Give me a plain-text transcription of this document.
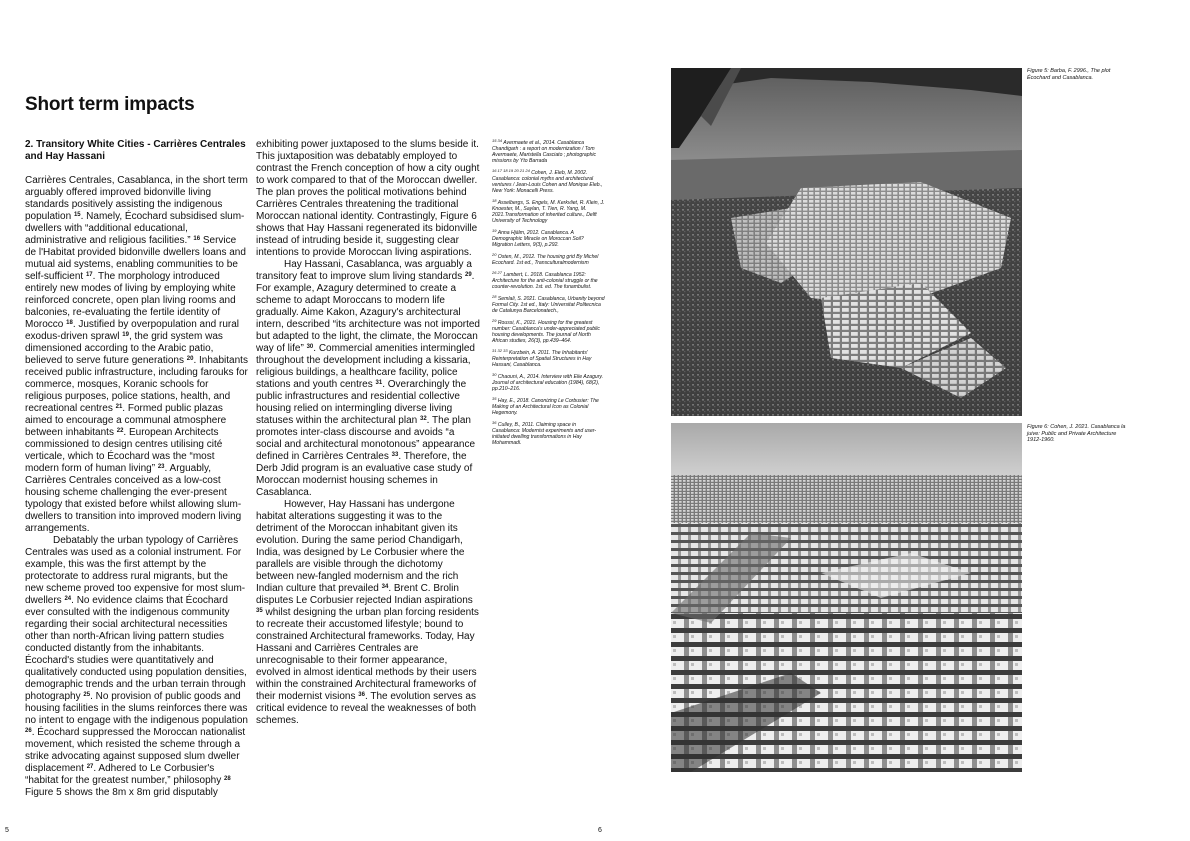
Short term impacts

2. Transitory White Cities - Carrières Centrales and Hay Hassani

Carrières Centrales, Casablanca, in the short term arguably offered improved bidonville living standards positively assisting the indigenous population $^{15}$. Namely, Écochard subsidised slum-dwellers with “additional educational, administrative and religious facilities.” $^{16}$ Service de l'Habitat provided bidonville dwellers loans and mutual aid systems, enabling communities to be self-sufficient $^{17}$. The morphology introduced entirely new modes of living by employing white reinforced concrete, open plan living rooms and balconies, re-evaluating the fertile identity of Morocco $^{18}$. Justified by overpopulation and rural exodus-driven sprawl $^{19}$, the grid system was dimensioned according to the Arabic patio, believed to serve future generations $^{20}$. Inhabitants received public infrastructure, including farouks for commerce, mosques, Koranic schools for religious purposes, police stations, health, and recreational centres $^{21}$. Formed public plazas aimed to encourage a communal atmosphere between inhabitants $^{22}$. European Architects commissioned to design centres utilising cité verticale, which to Écochard was the “most modern form of human living” $^{23}$. Arguably, Carrières Centrales conceived as a low-cost housing scheme challenging the ever-present typology that existed before whilst allowing slum-dwellers to transition into improved modern living arrangements.

Debatably the urban typology of Carrières Centrales was used as a colonial instrument. For example, this was the first attempt by the protectorate to address rural migrants, but the new scheme proved too expensive for most slum-dwellers $^{24}$. No evidence claims that Écochard ever consulted with the indigenous community regarding their social architectural necessities other than north-African living pattern studies conducted distantly from the inhabitants. Écochard's studies were quantitatively and qualitatively conducted using population densities, demographic trends and the urban terrain through photography $^{25}$. No provision of public goods and housing facilities in the slums reinforces there was no intent to engage with the indigenous population $^{26}$. Écochard suppressed the Moroccan nationalist movement, which resisted the scheme through a strike advocating against supposed slum dweller displacement $^{27}$. Adhered to Le Corbusier's “habitat for the greatest number,” philosophy $^{28}$ Figure 5 shows the 8m x 8m grid disputably

exhibiting power juxtaposed to the slums beside it. This juxtaposition was debatably employed to contrast the French conception of how a city ought to work compared to that of the Moroccan dweller. The plan proves the political motivations behind Carrières Centrales threatening the traditional Moroccan national identity. Contrastingly, Figure 6 shows that Hay Hassani regenerated its bidonville instead of intruding beside it, suggesting clear intentions to provide Moroccan living aspirations.

Hay Hassani, Casablanca, was arguably a transitory feat to improve slum living standards $^{29}$. For example, Azagury determined to create a scheme to adapt Moroccans to modern life gradually. Aime Kakon, Azagury's architectural intern, described “its architecture was not imported but adapted to the light, the climate, the Moroccan way of life” $^{30}$. Commercial amenities intermingled throughout the development including a kissaria, religious buildings, a healthcare facility, police stations and youth centres $^{31}$. Overarchingly the public infrastructures and residential collective housing relied on intermingling diverse living statuses within the architectural plan $^{32}$. The plan promotes inter-class discourse and avoids “a social and architectural monotonous” appearance defined in Carrières Centrales $^{33}$. Therefore, the Derb Jdid program is an evaluative case study of Moroccan modernist housing schemes in Casablanca.

However, Hay Hassani has undergone habitat alterations suggesting it was to the detriment of the Moroccan inhabitant given its evolution. During the same period Chandigarh, India, was designed by Le Corbusier where the parallels are visible through the dichotomy between new-fangled modernism and the rich Indian culture that prevailed $^{34}$. Brent C. Brolin disputes Le Corbusier rejected Indian aspirations $^{35}$ whilst designing the urban plan forcing residents to recreate their accustomed lifestyle; bound to constrained Architectural frameworks. Today, Hay Hassani and Carrières Centrales are unrecognisable to their former appearance, evolved in almost identical methods by their users within the constrained Architectural frameworks of their modernist visions $^{36}$. The evolution serves as critical evidence to reveal the weaknesses of both schemes.

$^{15 34}$ Avermaete et al., 2014. Casablanca Chandigarh : a report on modernization / Tom Avermaete, Maristella Casciato ; photographic missions by Yto Barrada

$^{16 17 18 19 20 21 24}$ Cohen, J. Eleb, M. 2002. Casablanca: colonial myths and architectural ventures / Jean-Louis Cohen and Monique Eleb., New York: Monacelli Press.

$^{18}$ Asselbergs, S. Engels, M. Kerkvliet, R. Klein, J. Knoester, M., Saylan, T. Tien, R. Yang, M. 2021.Transformation of inherited culture., Delft University of Technology

$^{19}$ Anna Hjälm, 2012. Casablanca. A Demographic Miracle on Moroccan Soil? Migration Letters, 9(3), p.292.

$^{20}$ Osten, M., 2012. The housing grid By Michel Ecochard. 1st ed., Transculturalmodernism

$^{26 27}$ Lambert, L. 2018. Casablanca 1952: Architecture for the anti-colonial struggle or the counter-revolution. 1st. ed. The funambulist.

$^{28}$ Semlali, S. 2021. Casablanca, Urbanity beyond Formal City. 1st ed., Italy: Universitat Politecnica de Catalunya Barcelonatech.,

$^{29}$ Roussi, K., 2021. Housing for the greatest number: Casablanca's under-appreciated public housing developments. The journal of North African studies, 26(3), pp.439–464.

$^{31 32 33}$ Kurzbein, A. 2011. The Inhabitants' Reinterpretation of Spatial Structures in Hay Hassani, Casablanca.

$^{30}$ Chaouni, A., 2014. Interview with Elie Azagury. Journal of architectural education (1984), 68(2), pp.210–216.

$^{35}$ Hay, E., 2018. Canonizing Le Corbusier: The Making of an Architectural Icon as Colonial Hegemony.

$^{36}$ Culley, B., 2011. Claiming space in Casablanca: Modernist experiments and user-initiated dwelling transformations in Hay Mohammadi.

Figure 5: Barba, F. 2996., The plot Écochard and Casablanca.

Figure 6: Cohen, J. 2021. Casablanca la juive: Public and Private Architecture 1912-1960.

5	6
